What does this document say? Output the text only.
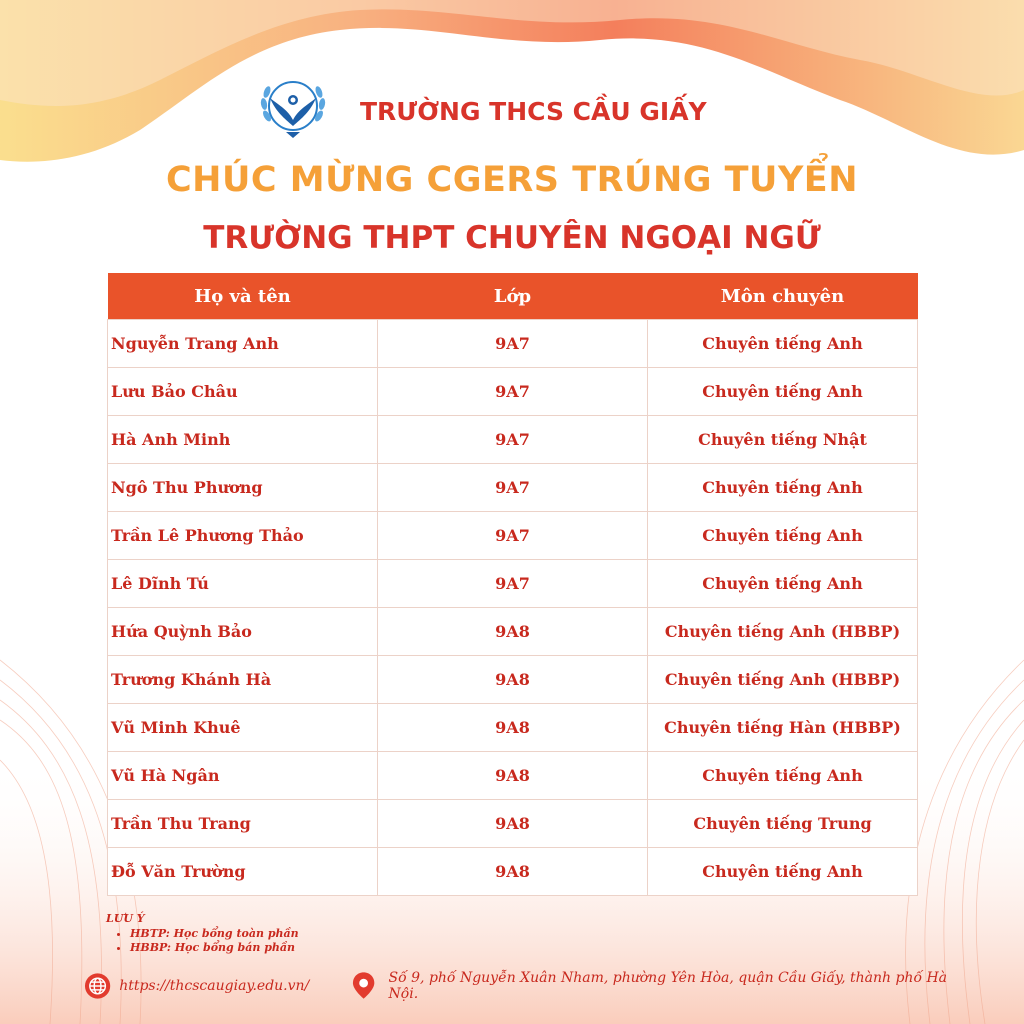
TRƯỜNG THCS CẦU GIẤY
CHÚC MỪNG CGERS TRÚNG TUYỂN
TRƯỜNG THPT CHUYÊN NGOẠI NGỮ
Họ và tên	Lớp	Môn chuyên
Nguyễn Trang Anh	9A7	Chuyên tiếng Anh
Lưu Bảo Châu	9A7	Chuyên tiếng Anh
Hà Anh Minh	9A7	Chuyên tiếng Nhật
Ngô Thu Phương	9A7	Chuyên tiếng Anh
Trần Lê Phương Thảo	9A7	Chuyên tiếng Anh
Lê Dĩnh Tú	9A7	Chuyên tiếng Anh
Hứa Quỳnh Bảo	9A8	Chuyên tiếng Anh (HBBP)
Trương Khánh Hà	9A8	Chuyên tiếng Anh (HBBP)
Vũ Minh Khuê	9A8	Chuyên tiếng Hàn (HBBP)
Vũ Hà Ngân	9A8	Chuyên tiếng Anh
Trần Thu Trang	9A8	Chuyên tiếng Trung
Đỗ Văn Trường	9A8	Chuyên tiếng Anh
LƯU Ý
• HBTP: Học bổng toàn phần
• HBBP: Học bổng bán phần
https://thcscaugiay.edu.vn/	Số 9, phố Nguyễn Xuân Nham, phường Yên Hòa, quận Cầu Giấy, thành phố Hà Nội.
